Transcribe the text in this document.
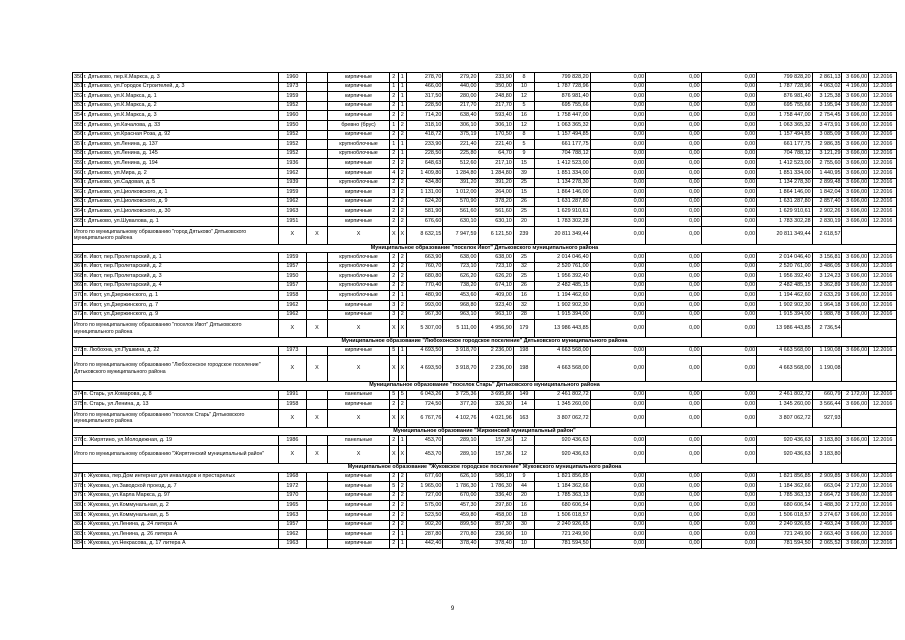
350	г. Дятьково, пер.К.Маркса, д. 3	1960		кирпичные	2	1	278,70	279,20	233,90	8	799 828,20	0,00	0,00	0,00	799 828,20	2 861,13	3 696,00	12.2016
351	г. Дятьково, ул.Городок Строителей, д. 3	1973		кирпичные	1	1	466,00	440,00	350,00	10	1 787 728,96	0,00	0,00	0,00	1 787 728,96	4 063,02	4 196,00	12.2016
352	г. Дятьково, ул.К.Маркса, д. 1	1959		кирпичные	2	1	317,50	280,00	248,80	12	876 981,40	0,00	0,00	0,00	876 981,40	3 125,38	3 696,00	12.2016
353	г. Дятьково, ул.К.Маркса, д. 2	1952		кирпичные	2	1	228,50	217,70	217,70	5	695 755,66	0,00	0,00	0,00	695 755,66	3 195,94	3 696,00	12.2016
354	г. Дятьково, ул.К.Маркса, д. 3	1960		кирпичные	2	2	714,20	638,40	593,40	16	1 758 447,00	0,00	0,00	0,00	1 758 447,00	2 754,45	3 696,00	12.2016
355	г. Дятьково, ул.Качалова, д. 33	1950		бревно (брус)	1	2	318,10	306,10	306,10	12	1 063 365,32	0,00	0,00	0,00	1 063 365,32	3 473,91	3 696,00	12.2016
356	г. Дятьково, ул.Красная Роза, д. 92	1952		кирпичные	2	2	418,72	375,19	170,50	8	1 157 494,85	0,00	0,00	0,00	1 157 494,85	3 085,09	3 696,00	12.2016
357	г. Дятьково, ул.Ленина, д. 137	1952		крупноблочные	1	1	233,90	221,40	221,40	5	661 177,75	0,00	0,00	0,00	661 177,75	2 986,35	3 696,00	12.2016
358	г. Дятьково, ул.Ленина, д. 145	1952		крупноблочные	2	1	228,50	225,80	64,70	9	704 788,12	0,00	0,00	0,00	704 788,12	3 121,29	3 696,00	12.2016
359	г. Дятьково, ул.Ленина, д. 194	1936		кирпичные	2	2	648,63	512,60	217,10	15	1 412 523,00	0,00	0,00	0,00	1 412 523,00	2 755,60	3 696,00	12.2016
360	г. Дятьково, ул.Мира, д. 2	1962		кирпичные	4	2	1 409,80	1 284,80	1 284,80	39	1 851 334,00	0,00	0,00	0,00	1 851 334,00	1 440,95	3 696,00	12.2016
361	г. Дятьково, ул.Садовая, д. 5	1939		крупноблочные	2	2	434,80	391,20	391,20	25	1 134 278,30	0,00	0,00	0,00	1 134 278,30	2 899,48	3 696,00	12.2016
362	г. Дятьково, ул.Циолковского, д. 1	1959		кирпичные	3	2	1 131,00	1 012,00	264,00	15	1 864 146,00	0,00	0,00	0,00	1 864 146,00	1 842,04	3 696,00	12.2016
363	г. Дятьково, ул.Циолковского, д. 9	1962		кирпичные	2	2	624,20	570,90	378,20	26	1 631 287,80	0,00	0,00	0,00	1 631 287,80	2 857,40	3 696,00	12.2016
364	г. Дятьково, ул.Циолковского, д. 30	1963		кирпичные	2	2	581,90	561,60	561,60	25	1 629 910,61	0,00	0,00	0,00	1 629 910,61	2 902,26	3 696,00	12.2016
365	г. Дятьково, ул.Шувалова, д. 1	1951		кирпичные	2	2	676,60	630,10	630,10	20	1 783 302,28	0,00	0,00	0,00	1 783 302,28	2 830,19	3 696,00	12.2016
Итого по муниципальному образованию "город Дятьково" Дятьковского муниципального района		X	X	X	X	X	8 632,15	7 947,59	6 121,50	239	20 811 349,44	0,00	0,00	0,00	20 811 349,44	2 618,57		
Муниципальное образование "поселок Ивот" Дятьковского муниципального района																		
366	п. Ивот, пер.Пролетарский, д. 1	1959		крупноблочные	2	2	663,90	638,00	638,00	25	2 014 046,40	0,00	0,00	0,00	2 014 046,40	3 156,81	3 696,00	12.2016
367	п. Ивот, пер.Пролетарский, д. 2	1957		крупноблочные	2	2	760,70	723,10	723,10	32	2 520 761,00	0,00	0,00	0,00	2 520 761,00	3 486,05	3 696,00	12.2016
368	п. Ивот, пер.Пролетарский, д. 3	1950		крупноблочные	2	2	680,80	626,20	626,20	25	1 956 392,40	0,00	0,00	0,00	1 956 392,40	3 124,23	3 696,00	12.2016
369	п. Ивот, пер.Пролетарский, д. 4	1957		крупноблочные	2	2	770,40	738,20	674,10	26	2 482 485,15	0,00	0,00	0,00	2 482 485,15	3 362,89	3 696,00	12.2016
370	п. Ивот, ул.Дзержинского, д. 1	1958		крупноблочные	2	1	480,90	453,60	409,00	16	1 194 462,60	0,00	0,00	0,00	1 194 462,60	2 633,29	3 696,00	12.2016
371	п. Ивот, ул.Дзержинского, д. 7	1962		кирпичные	3	2	993,00	968,80	923,40	32	1 902 902,30	0,00	0,00	0,00	1 902 902,30	1 964,18	3 696,00	12.2016
372	п. Ивот, ул.Дзержинского, д. 9	1962		кирпичные	3	2	967,30	963,10	963,10	28	1 915 394,00	0,00	0,00	0,00	1 915 394,00	1 988,78	3 696,00	12.2016
Итого по муниципальному образованию "поселок Ивот" Дятьковского муниципального района		X	X	X	X	X	5 307,00	5 111,00	4 956,90	179	13 986 443,85	0,00	0,00	0,00	13 986 443,85	2 736,54		
Муниципальное образование "Любохонское городское поселение" Дятьковского муниципального района																		
373	п. Любохна, ул.Пушкина, д. 22	1973		кирпичные	5	1	4 693,50	3 918,70	2 236,00	198	4 663 568,00	0,00	0,00	0,00	4 663 568,00	1 190,08	3 696,00	12.2016
Итого по муниципальному образованию "Любохонское городское поселение" Дятьковского муниципального района		X	X	X	X	X	4 693,50	3 918,70	2 236,00	198	4 663 568,00	0,00	0,00	0,00	4 663 568,00	1 190,08		
Муниципальное образование "поселок Старь" Дятьковского муниципального района																		
374	п. Старь, ул.Комарова, д. 8	1991		панельные	5	5	6 043,26	3 725,36	3 695,86	149	2 461 802,72	0,00	0,00	0,00	2 461 802,72	660,79	2 172,00	12.2016
375	п. Старь, ул.Ленина, д. 13	1958		кирпичные	2	2	724,50	377,20	326,30	14	1 345 260,00	0,00	0,00	0,00	1 345 260,00	3 566,44	3 696,00	12.2016
Итого по муниципальному образованию "поселок Старь" Дятьковского муниципального района		X	X	X	X	X	6 767,76	4 102,76	4 021,96	163	3 807 062,72	0,00	0,00	0,00	3 807 062,72	927,93		
Муниципальное образование "Жиркинский муниципальный район"																		
376	с. Жирятино, ул.Молодежная, д. 19	1986		панельные	2	1	453,70	289,10	157,36	12	920 436,63	0,00	0,00	0,00	920 436,63	3 183,80	3 696,00	12.2016
Итого по муниципальному образованию "Жирятинский муниципальный район"		X	X	X	X	X	453,70	289,10	157,36	12	920 436,63	0,00	0,00	0,00	920 436,63	3 183,80		
Муниципальное образование "Жуковское городское поселение" Жуковского муниципального района																		
377	г. Жуковка, пер.Дом интернат для инвалидов и престарелых	1968		кирпичные	2	2	677,60	626,10	586,10	9	1 821 856,85	0,00	0,00	0,00	1 821 856,85	2 909,85	3 696,00	12.2016
378	г. Жуковка, ул.Заводской проезд, д. 7	1972		кирпичные	5	2	1 965,00	1 786,30	1 786,30	44	1 184 362,66	0,00	0,00	0,00	1 184 362,66	663,04	2 172,00	12.2016
379	г. Жуковка, ул.Карла Маркса, д. 97	1970		кирпичные	2	2	727,00	670,00	336,40	20	1 785 363,13	0,00	0,00	0,00	1 785 363,13	2 664,72	3 696,00	12.2016
380	г. Жуковка, ул.Коммунальная, д. 2	1965		кирпичные	2	2	575,00	457,30	297,80	16	680 606,54	0,00	0,00	0,00	680 606,54	1 488,30	2 172,00	12.2016
381	г. Жуковка, ул.Коммунальная, д. 5	1963		кирпичные	2	2	523,50	459,80	458,00	18	1 506 018,57	0,00	0,00	0,00	1 506 018,57	3 274,67	3 696,00	12.2016
382	г. Жуковка, ул.Ленина, д. 24 литера А	1957		кирпичные	2	2	902,20	899,50	857,30	30	2 240 926,65	0,00	0,00	0,00	2 240 926,65	2 493,24	3 696,00	12.2016
383	г. Жуковка, ул.Ленина, д. 26 литера А	1962		кирпичные	2	1	287,80	270,80	236,90	10	721 249,90	0,00	0,00	0,00	721 249,90	2 663,40	3 696,00	12.2016
384	г. Жуковка, ул.Некрасова, д. 17 литера А	1963		кирпичные	2	1	442,40	378,40	378,40	10	781 594,50	0,00	0,00	0,00	781 594,50	2 065,52	3 696,00	12.2016
9
